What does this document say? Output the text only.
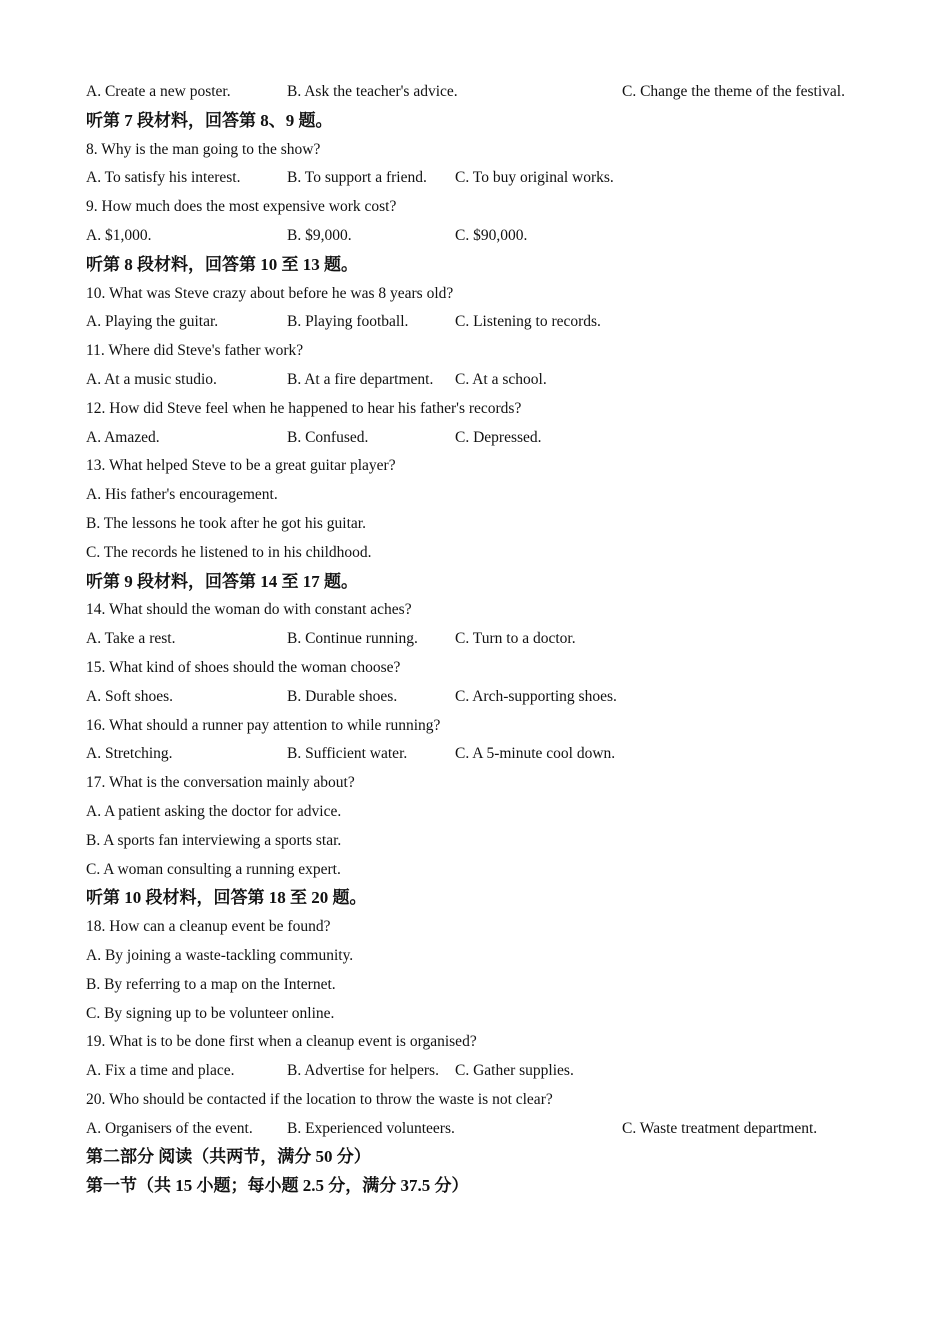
A. Create a new poster.	B. Ask the teacher's advice.	C. Change the theme of the festival.
听第 7 段材料，回答第 8、9 题。
8. Why is the man going to the show?
A. To satisfy his interest.	B. To support a friend. C. To buy original works.
9. How much does the most expensive work cost?
A. $1,000.	B. $9,000.	C. $90,000.
听第 8 段材料，回答第 10 至 13 题。
10. What was Steve crazy about before he was 8 years old?
A. Playing the guitar.	B. Playing football.	C. Listening to records.
11. Where did Steve's father work?
A. At a music studio.	B. At a fire department. C. At a school.
12. How did Steve feel when he happened to hear his father's records?
A. Amazed.	B. Confused.	C. Depressed.
13. What helped Steve to be a great guitar player?
A. His father's encouragement.
B. The lessons he took after he got his guitar.
C. The records he listened to in his childhood.
听第 9 段材料，回答第 14 至 17 题。
14. What should the woman do with constant aches?
A. Take a rest.	B. Continue running. C. Turn to a doctor.
15. What kind of shoes should the woman choose?
A. Soft shoes.	B. Durable shoes.	C. Arch-supporting shoes.
16. What should a runner pay attention to while running?
A. Stretching.	B. Sufficient water.	C. A 5-minute cool down.
17. What is the conversation mainly about?
A. A patient asking the doctor for advice.
B. A sports fan interviewing a sports star.
C. A woman consulting a running expert.
听第 10 段材料，回答第 18 至 20 题。
18. How can a cleanup event be found?
A. By joining a waste-tackling community.
B. By referring to a map on the Internet.
C. By signing up to be volunteer online.
19. What is to be done first when a cleanup event is organised?
A. Fix a time and place.	B. Advertise for helpers. C. Gather supplies.
20. Who should be contacted if the location to throw the waste is not clear?
A. Organisers of the event. B. Experienced volunteers.	C. Waste treatment department.
第二部分 阅读（共两节，满分 50 分）
第一节（共 15 小题；每小题 2.5 分，满分 37.5 分）
